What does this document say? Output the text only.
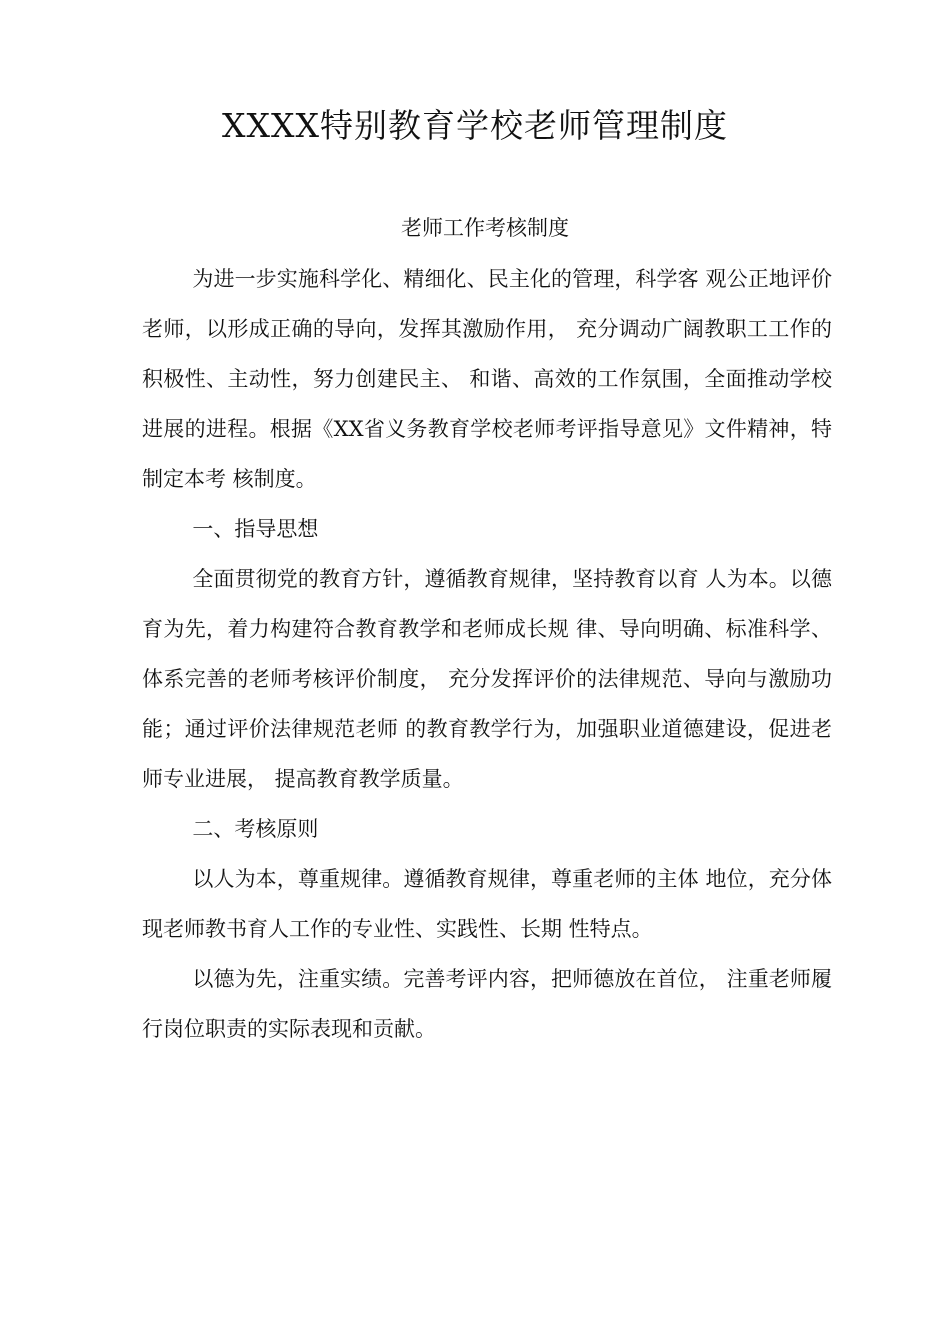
XXXX特别教育学校老师管理制度
老师工作考核制度

为进一步实施科学化、精细化、民主化的管理，科学客 观公正地评价老师，以形成正确的导向，发挥其激励作用， 充分调动广阔教职工工作的积极性、主动性，努力创建民主、 和谐、高效的工作氛围，全面推动学校进展的进程。根据《XX省义务教育学校老师考评指导意见》文件精神，特制定本考 核制度。

一、指导思想

全面贯彻党的教育方针，遵循教育规律，坚持教育以育 人为本。以德育为先，着力构建符合教育教学和老师成长规 律、导向明确、标准科学、体系完善的老师考核评价制度， 充分发挥评价的法律规范、导向与激励功能；通过评价法律规范老师 的教育教学行为，加强职业道德建设，促进老师专业进展， 提高教育教学质量。

二、考核原则

以人为本，尊重规律。遵循教育规律，尊重老师的主体 地位，充分体现老师教书育人工作的专业性、实践性、长期 性特点。

以德为先，注重实绩。完善考评内容，把师德放在首位， 注重老师履行岗位职责的实际表现和贡献。
